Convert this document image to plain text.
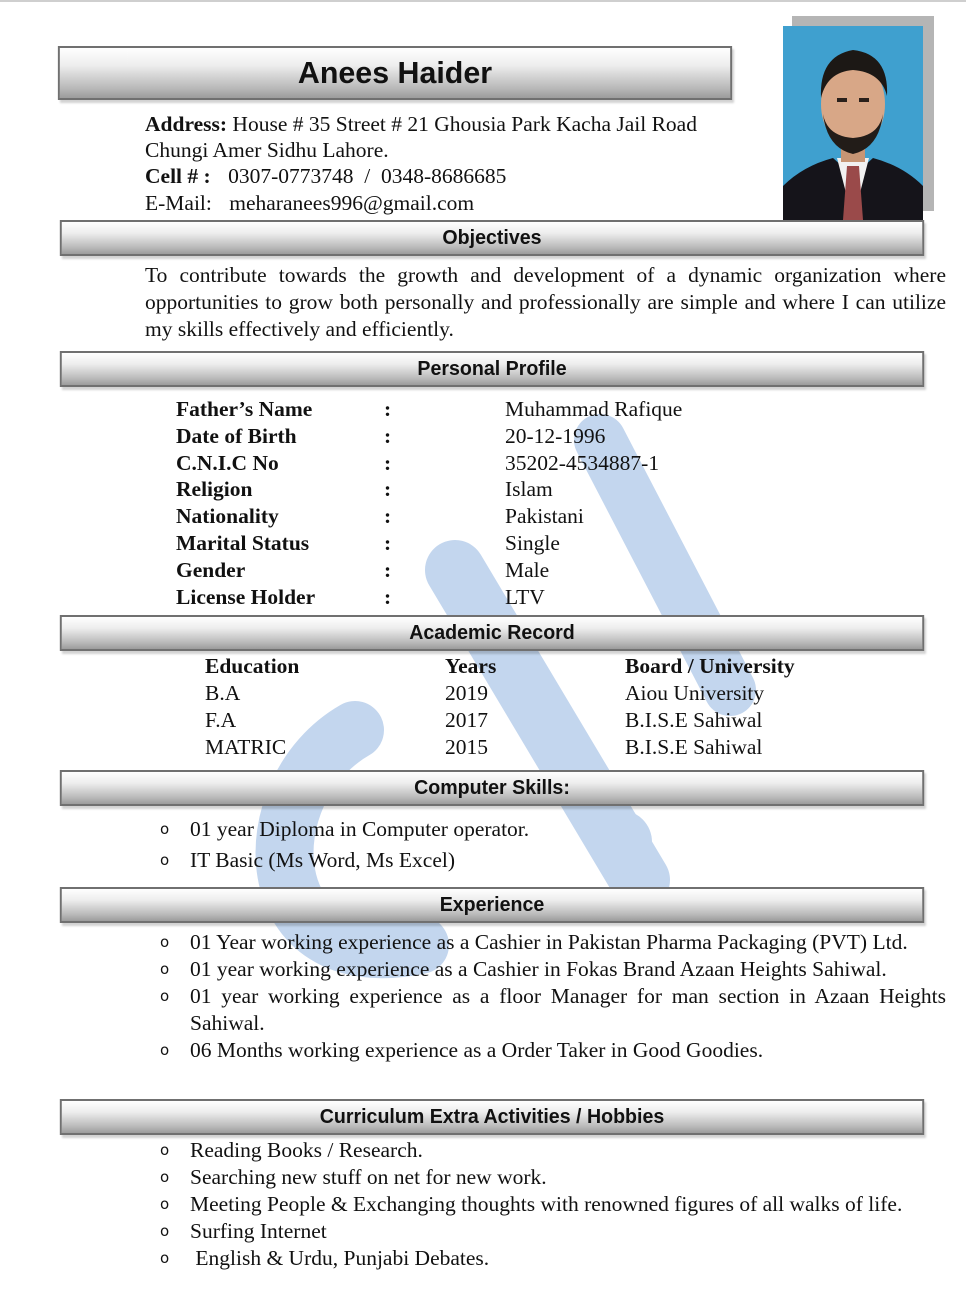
Anees Haider
Address: House # 35 Street # 21 Ghousia Park Kacha Jail Road
Chungi Amer Sidhu Lahore.
Cell # : 0307-0773748  /  0348-8686685
E-Mail: meharanees996@gmail.com
Objectives
To contribute towards the growth and development of a dynamic organization where opportunities to grow both personally and professionally are simple and where I can utilize my skills effectively and efficiently.
Personal Profile
Father’s Name	:	Muhammad Rafique
Date of Birth	:	20-12-1996
C.N.I.C No	:	35202-4534887-1
Religion	:	Islam
Nationality	:	Pakistani
Marital Status	:	Single
Gender	:	Male
License Holder	:	LTV
Academic Record
Education	Years	Board / University
B.A	2019	Aiou University
F.A	2017	B.I.S.E Sahiwal
MATRIC	2015	B.I.S.E Sahiwal
Computer Skills:
o 01 year Diploma in Computer operator.
o IT Basic (Ms Word, Ms Excel)
Experience
o 01 Year working experience as a Cashier in Pakistan Pharma Packaging (PVT) Ltd.
o 01 year working experience as a Cashier in Fokas Brand Azaan Heights Sahiwal.
o 01 year working experience as a floor Manager for man section in Azaan Heights Sahiwal.
o 06 Months working experience as a Order Taker in Good Goodies.
Curriculum Extra Activities / Hobbies
o Reading Books / Research.
o Searching new stuff on net for new work.
o Meeting People & Exchanging thoughts with renowned figures of all walks of life.
o Surfing Internet
o English & Urdu, Punjabi Debates.
